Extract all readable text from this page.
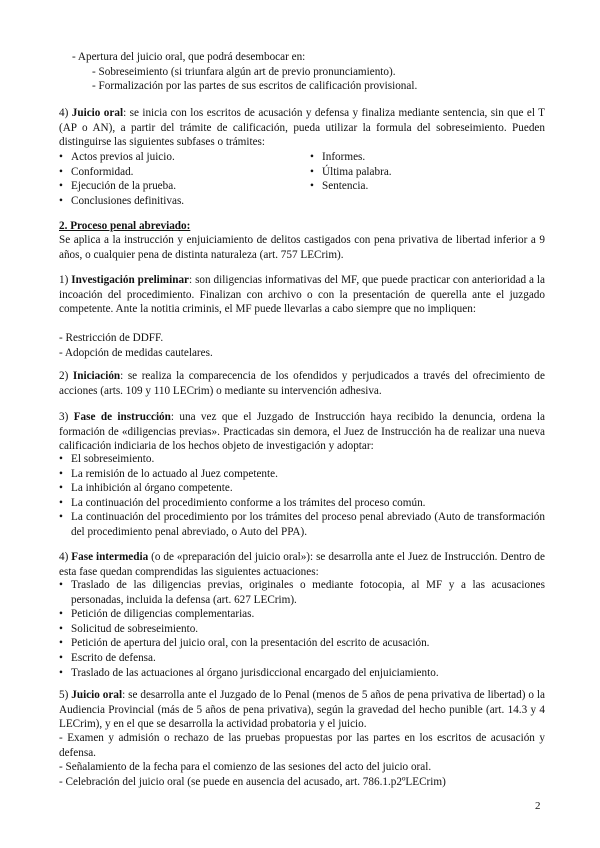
- Apertura del juicio oral, que podrá desembocar en:
- Sobreseimiento (si triunfara algún art de previo pronunciamiento).
- Formalización por las partes de sus escritos de calificación provisional.
4) Juicio oral: se inicia con los escritos de acusación y defensa y finaliza mediante sentencia, sin que el T (AP o AN), a partir del trámite de calificación, pueda utilizar la formula del sobreseimiento. Pueden distinguirse las siguientes subfases o trámites:
• Actos previos al juicio.
• Conformidad.
• Ejecución de la prueba.
• Conclusiones definitivas.
• Informes.
• Última palabra.
• Sentencia.
2. Proceso penal abreviado:
Se aplica a la instrucción y enjuiciamiento de delitos castigados con pena privativa de libertad inferior a 9 años, o cualquier pena de distinta naturaleza (art. 757 LECrim).
1) Investigación preliminar: son diligencias informativas del MF, que puede practicar con anterioridad a la incoación del procedimiento. Finalizan con archivo o con la presentación de querella ante el juzgado competente. Ante la notitia criminis, el MF puede llevarlas a cabo siempre que no impliquen:
- Restricción de DDFF.
- Adopción de medidas cautelares.
2) Iniciación: se realiza la comparecencia de los ofendidos y perjudicados a través del ofrecimiento de acciones (arts. 109 y 110 LECrim) o mediante su intervención adhesiva.
3) Fase de instrucción: una vez que el Juzgado de Instrucción haya recibido la denuncia, ordena la formación de «diligencias previas». Practicadas sin demora, el Juez de Instrucción ha de realizar una nueva calificación indiciaria de los hechos objeto de investigación y adoptar:
• El sobreseimiento.
• La remisión de lo actuado al Juez competente.
• La inhibición al órgano competente.
• La continuación del procedimiento conforme a los trámites del proceso común.
• La continuación del procedimiento por los trámites del proceso penal abreviado (Auto de transformación del procedimiento penal abreviado, o Auto del PPA).
4) Fase intermedia (o de «preparación del juicio oral»): se desarrolla ante el Juez de Instrucción. Dentro de esta fase quedan comprendidas las siguientes actuaciones:
• Traslado de las diligencias previas, originales o mediante fotocopia, al MF y a las acusaciones personadas, incluida la defensa (art. 627 LECrim).
• Petición de diligencias complementarias.
• Solicitud de sobreseimiento.
• Petición de apertura del juicio oral, con la presentación del escrito de acusación.
• Escrito de defensa.
• Traslado de las actuaciones al órgano jurisdiccional encargado del enjuiciamiento.
5) Juicio oral: se desarrolla ante el Juzgado de lo Penal (menos de 5 años de pena privativa de libertad) o la Audiencia Provincial (más de 5 años de pena privativa), según la gravedad del hecho punible (art. 14.3 y 4 LECrim), y en el que se desarrolla la actividad probatoria y el juicio.
- Examen y admisión o rechazo de las pruebas propuestas por las partes en los escritos de acusación y defensa.
- Señalamiento de la fecha para el comienzo de las sesiones del acto del juicio oral.
- Celebración del juicio oral (se puede en ausencia del acusado, art. 786.1.p2ºLECrim)
2
